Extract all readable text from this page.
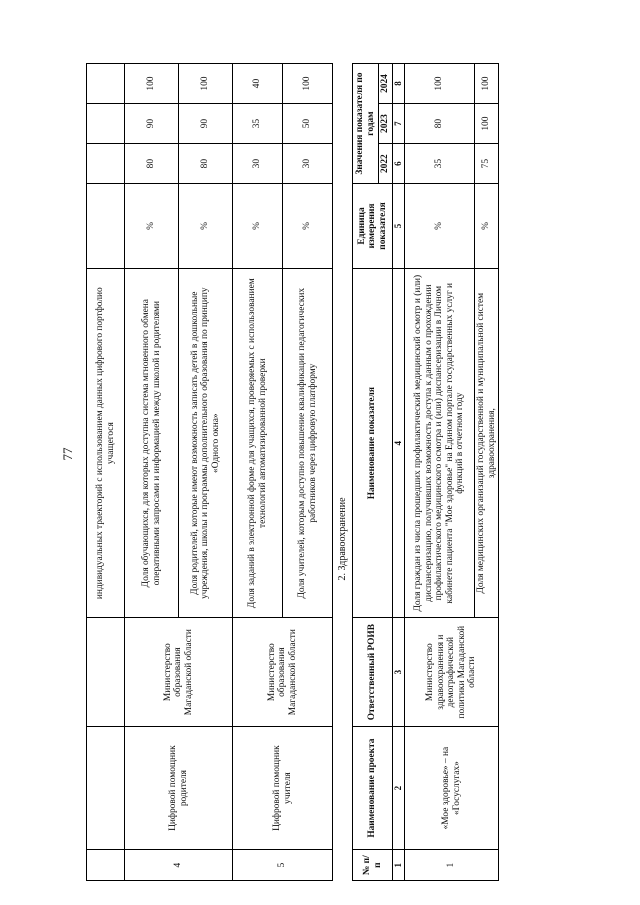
77
			индивидуальных траекторий с использованием данных цифрового портфолио учащегося				
4	Цифровой помощник родителя	Министерство образования Магаданской области	Доля обучающихся, для которых доступна система мгновенного обмена оперативными запросами и информацией между школой и родителями	%	80	90	100
			Доля родителей, которые имеют возможность записать детей в дошкольные учреждения, школы и программы дополнительного образования по принципу «Одного окна»	%	80	90	100
5	Цифровой помощник учителя	Министерство образования Магаданской области	Доля заданий в электронной форме для учащихся, проверяемых с использованием технологий автоматизированной проверки	%	30	35	40
			Доля учителей, которым доступно повышение квалификации педагогических работников через цифровую платформу	%	30	50	100
2. Здравоохранение							
№ п/п	Наименование проекта	Ответственный РОИВ	Наименование показателя	Единица измерения показателя	Значения показателя по годам		
					2022	2023	2024
1	2	3	4	5	6	7	8
1	«Мое здоровье» – на «Госуслугах»	Министерство здравоохранения и демографической политики Магаданской области	Доля граждан из числа прошедших профилактический медицинский осмотр и (или) диспансеризацию, получивших возможность доступа к данным о прохождении профилактического медицинского осмотра и (или) диспансеризации в Личном кабинете пациента "Мое здоровье" на Едином портале государственных услуг и функций в отчетном году	%	35	80	100
			Доля медицинских организаций государственной и муниципальной систем здравоохранения,	%	75	100	100
